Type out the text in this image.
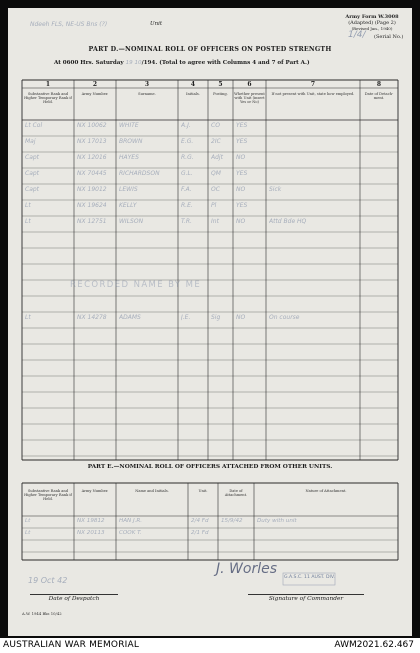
Ndeeh FLS, NE-US Bns (?)	Unit
Army Form W.3008
(Adapted) (Page 2)
(Revised Jan., 1940)
1/4/ (Serial No.)
PART D.—NOMINAL ROLL OF OFFICERS ON POSTED STRENGTH
At 0600 Hrs. Saturday 19 10/194. (Total to agree with Columns 4 and 7 of Part A.)
1	2	3	4	5	6	7	8
Substantive Rank and Higher Temporary Rank if Held.
Army Number.	Surname.	Initials.	Posting.	Whether present with Unit (insert Yes or No)
If not present with Unit, state how employed.	Date of Detach-ment.
Lt Col	NX 10062	WHITE	A.J.	CO	YES
Maj	NX 17013	BROWN	E.G.	2IC	YES
Capt	NX 12016	HAYES	R.G.	Adjt	NO
Capt	NX 70445	RICHARDSON	G.L.	QM	YES
Capt	NX 19012	LEWIS	F.A.	OC	NO	Sick
Lt	NX 19624	KELLY	R.E.	Pl	YES
Lt	NX 12751	WILSON	T.R.	Int	NO	Attd Bde HQ
Lt	NX 14278	ADAMS	J.E.	Sig	NO	On course
RECORDED NAME BY ME
PART E.—NOMINAL ROLL OF OFFICERS ATTACHED FROM OTHER UNITS.
Substantive Rank and Higher Temporary Rank if Held.
Army Number.	Name and Initials.	Unit.	Date of Attachment.
Nature of Attachment.
Lt	NX 19812	HAN J.R.	2/4 Fd	15/9/42	Duty with unit
Lt	NX 20113	COOK T.	2/1 Fd
19 Oct 42
Date of Despatch
J. Worles
G.A.S.C. 11 AUST. DIV.
Signature of Commander
A.W. 1944 Bks 10/42
AUSTRALIAN WAR MEMORIAL	AWM2021.62.467
